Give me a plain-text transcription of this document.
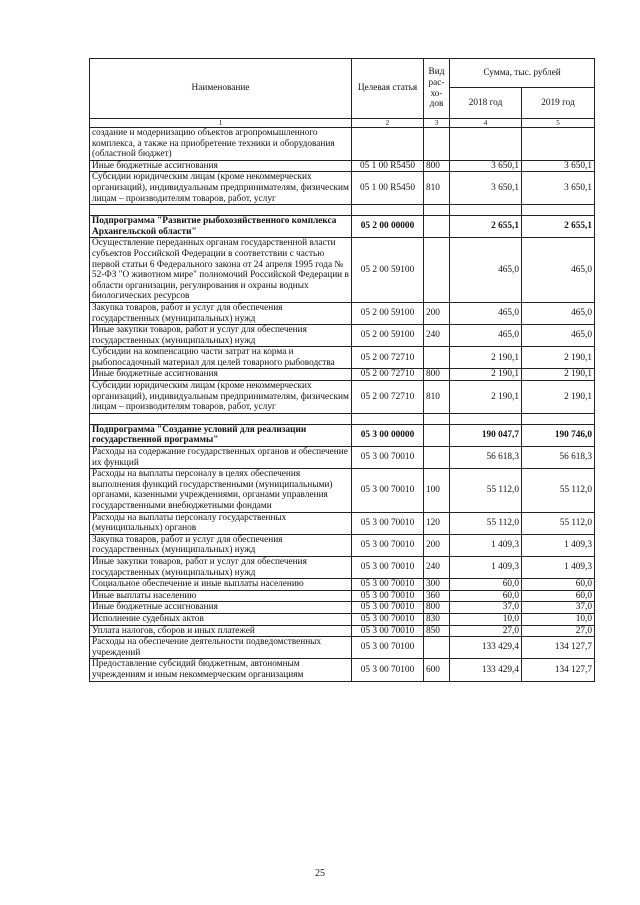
Наименование	Целевая статья	Вид
рас-
хо-
дов	Сумма, тыс. рублей	
			2018 год	2019 год
1	2	3	4	5
создание и модернизацию объектов агропромышленного комплекса, а также на приобретение техники и оборудования (областной бюджет)				
Иные бюджетные ассигнования	05 1 00 R5450	800	3 650,1	3 650,1
Субсидии юридическим лицам (кроме некоммерческих организаций), индивидуальным предпринимателям, физическим лицам – производителям товаров, работ, услуг	05 1 00 R5450	810	3 650,1	3 650,1

Подпрограмма "Развитие рыбохозяйственного комплекса Архангельской области"	05 2 00 00000		2 655,1	2 655,1
Осуществление переданных органам государственной власти субъектов Российской Федерации в соответствии с частью первой статьи 6 Федерального закона от 24 апреля 1995 года № 52-ФЗ "О животном мире" полномочий Российской Федерации в области организации, регулирования и охраны водных биологических ресурсов	05 2 00 59100		465,0	465,0
Закупка товаров, работ и услуг для обеспечения государственных (муниципальных) нужд	05 2 00 59100	200	465,0	465,0
Иные закупки товаров, работ и услуг для обеспечения государственных (муниципальных) нужд	05 2 00 59100	240	465,0	465,0
Субсидии на компенсацию части затрат на корма и рыбопосадочный материал для целей товарного рыбоводства	05 2 00 72710		2 190,1	2 190,1
Иные бюджетные ассигнования	05 2 00 72710	800	2 190,1	2 190,1
Субсидии юридическим лицам (кроме некоммерческих организаций), индивидуальным предпринимателям, физическим лицам – производителям товаров, работ, услуг	05 2 00 72710	810	2 190,1	2 190,1

Подпрограмма "Создание условий для реализации государственной программы"	05 3 00 00000		190 047,7	190 746,0
Расходы на содержание государственных органов и обеспечение их функций	05 3 00 70010		56 618,3	56 618,3
Расходы на выплаты персоналу в целях обеспечения выполнения функций государственными (муниципальными) органами, казенными учреждениями, органами управления государственными внебюджетными фондами	05 3 00 70010	100	55 112,0	55 112,0
Расходы на выплаты персоналу государственных (муниципальных) органов	05 3 00 70010	120	55 112,0	55 112,0
Закупка товаров, работ и услуг для обеспечения государственных (муниципальных) нужд	05 3 00 70010	200	1 409,3	1 409,3
Иные закупки товаров, работ и услуг для обеспечения государственных (муниципальных) нужд	05 3 00 70010	240	1 409,3	1 409,3
Социальное обеспечение и иные выплаты населению	05 3 00 70010	300	60,0	60,0
Иные выплаты населению	05 3 00 70010	360	60,0	60,0
Иные бюджетные ассигнования	05 3 00 70010	800	37,0	37,0
Исполнение судебных актов	05 3 00 70010	830	10,0	10,0
Уплата налогов, сборов и иных платежей	05 3 00 70010	850	27,0	27,0
Расходы на обеспечение деятельности подведомственных учреждений	05 3 00 70100		133 429,4	134 127,7
Предоставление субсидий бюджетным, автономным учреждениям и иным некоммерческим организациям	05 3 00 70100	600	133 429,4	134 127,7
25
